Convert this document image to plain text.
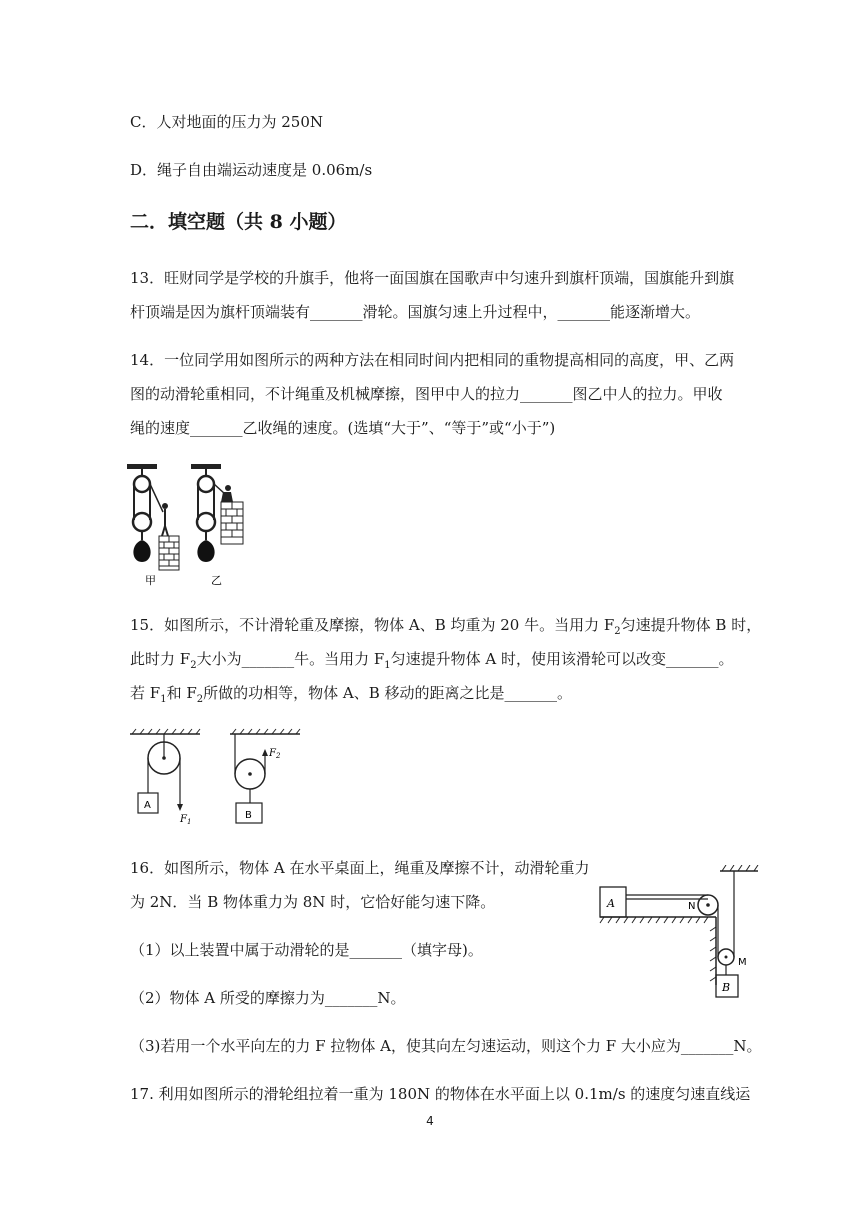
C．人对地面的压力为 250N
D．绳子自由端运动速度是 0.06m/s
二．填空题（共 8 小题）
13．旺财同学是学校的升旗手，他将一面国旗在国歌声中匀速升到旗杆顶端，国旗能升到旗
杆顶端是因为旗杆顶端装有_______滑轮。国旗匀速上升过程中，_______能逐渐增大。
14．一位同学用如图所示的两种方法在相同时间内把相同的重物提高相同的高度，甲、乙两
图的动滑轮重相同，不计绳重及机械摩擦，图甲中人的拉力_______图乙中人的拉力。甲收
绳的速度_______乙收绳的速度。(选填“大于”、“等于”或“小于”)
甲	乙
15．如图所示，不计滑轮重及摩擦，物体 A、B 均重为 20 牛。当用力 $F_2$匀速提升物体 B 时，
此时力 $F_2$大小为_______牛。当用力 $F_1$匀速提升物体 A 时，使用该滑轮可以改变_______。
若 $F_1$和 $F_2$所做的功相等，物体 A、B 移动的距离之比是_______。
A
$F_1$
B
$F_2$
16．如图所示，物体 A 在水平桌面上，绳重及摩擦不计，动滑轮重力
为 2N．当 B 物体重力为 8N 时，它恰好能匀速下降。
（1）以上装置中属于动滑轮的是_______（填字母)。
（2）物体 A 所受的摩擦力为_______N。
（3)若用一个水平向左的力 F 拉物体 A，使其向左匀速运动，则这个力 F 大小应为_______N。
A	N
M
B
17. 利用如图所示的滑轮组拉着一重为 180N 的物体在水平面上以 0.1m/s 的速度匀速直线运
4
